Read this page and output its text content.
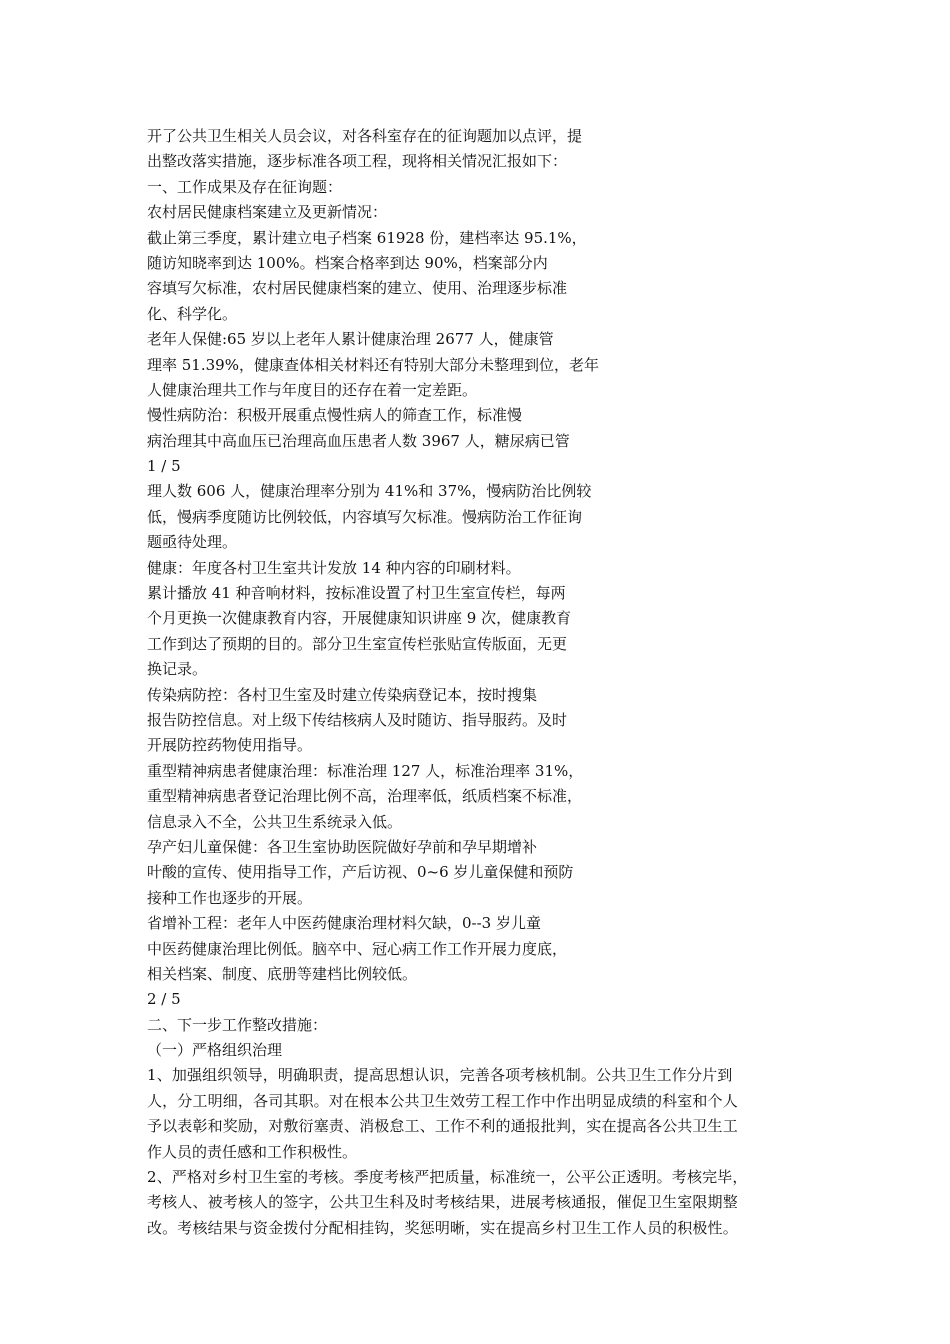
开了公共卫生相关人员会议，对各科室存在的征询题加以点评，提
出整改落实措施，逐步标准各项工程，现将相关情况汇报如下：
一、工作成果及存在征询题：
农村居民健康档案建立及更新情况：
截止第三季度，累计建立电子档案 61928 份，建档率达 95.1%，
随访知晓率到达 100%。档案合格率到达 90%，档案部分内
容填写欠标准，农村居民健康档案的建立、使用、治理逐步标准
化、科学化。
老年人保健:65 岁以上老年人累计健康治理 2677 人，健康管
理率 51.39%，健康查体相关材料还有特别大部分未整理到位，老年
人健康治理共工作与年度目的还存在着一定差距。
慢性病防治：积极开展重点慢性病人的筛查工作，标准慢
病治理其中高血压已治理高血压患者人数 3967 人，糖尿病已管
1 / 5
理人数 606 人，健康治理率分别为 41%和 37%，慢病防治比例较
低，慢病季度随访比例较低，内容填写欠标准。慢病防治工作征询
题亟待处理。
健康：年度各村卫生室共计发放 14 种内容的印刷材料。
累计播放 41 种音响材料，按标准设置了村卫生室宣传栏，每两
个月更换一次健康教育内容，开展健康知识讲座 9 次，健康教育
工作到达了预期的目的。部分卫生室宣传栏张贴宣传版面，无更
换记录。
传染病防控：各村卫生室及时建立传染病登记本，按时搜集
报告防控信息。对上级下传结核病人及时随访、指导服药。及时
开展防控药物使用指导。
重型精神病患者健康治理：标准治理 127 人，标准治理率 31%，
重型精神病患者登记治理比例不高，治理率低，纸质档案不标准，
信息录入不全，公共卫生系统录入低。
孕产妇儿童保健：各卫生室协助医院做好孕前和孕早期增补
叶酸的宣传、使用指导工作，产后访视、0~6 岁儿童保健和预防
接种工作也逐步的开展。
省增补工程：老年人中医药健康治理材料欠缺，0--3 岁儿童
中医药健康治理比例低。脑卒中、冠心病工作工作开展力度底，
相关档案、制度、底册等建档比例较低。
2 / 5
二、下一步工作整改措施：
（一）严格组织治理
1、加强组织领导，明确职责，提高思想认识，完善各项考核机制。公共卫生工作分片到
人，分工明细，各司其职。对在根本公共卫生效劳工程工作中作出明显成绩的科室和个人
予以表彰和奖励，对敷衍塞责、消极怠工、工作不利的通报批判，实在提高各公共卫生工
作人员的责任感和工作积极性。
2、严格对乡村卫生室的考核。季度考核严把质量，标准统一，公平公正透明。考核完毕，
考核人、被考核人的签字，公共卫生科及时考核结果，进展考核通报，催促卫生室限期整
改。考核结果与资金拨付分配相挂钩，奖惩明晰，实在提高乡村卫生工作人员的积极性。
